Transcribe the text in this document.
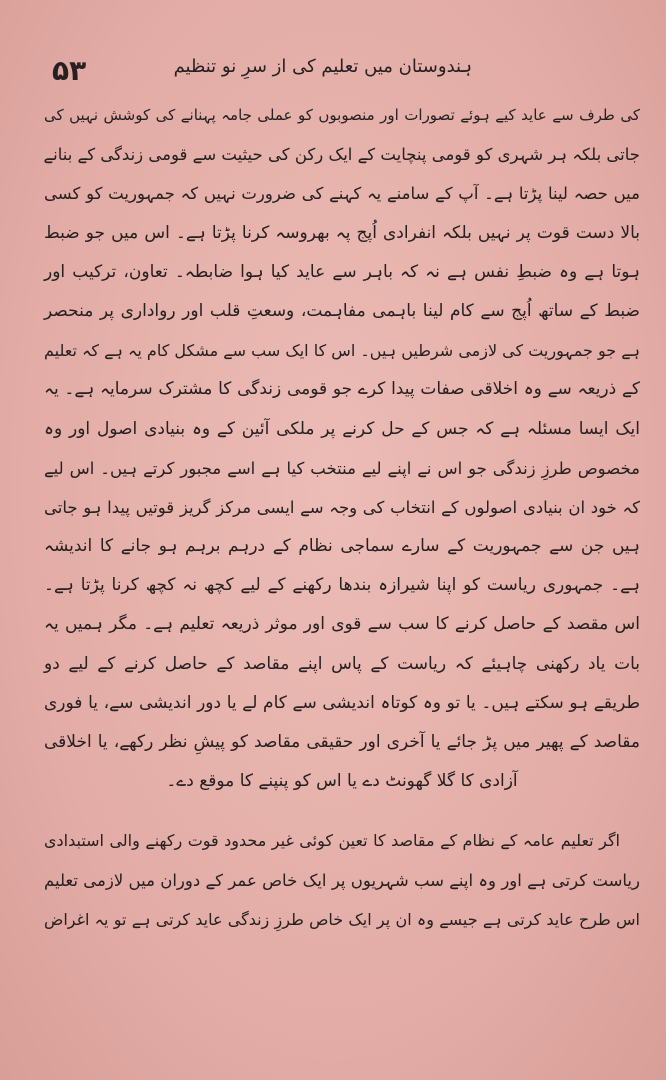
۵۳	ہندوستان میں تعلیم کی از سرِ نو تنظیم
کی طرف سے عاید کیے ہوئے تصورات اور منصوبوں کو عملی جامہ پہنانے کی کوشش نہیں کی
جاتی بلکہ ہر شہری کو قومی پنچایت کے ایک رکن کی حیثیت سے قومی زندگی کے بنانے
میں حصہ لینا پڑتا ہے۔ آپ کے سامنے یہ کہنے کی ضرورت نہیں کہ جمہوریت کو کسی
بالا دست قوت پر نہیں بلکہ انفرادی اُپج پہ بھروسہ کرنا پڑتا ہے۔ اس میں جو ضبط
ہوتا ہے وہ ضبطِ نفس ہے نہ کہ باہر سے عاید کیا ہوا ضابطہ۔ تعاون، ترکیب اور
ضبط کے ساتھ اُپج سے کام لینا باہمی مفاہمت، وسعتِ قلب اور رواداری پر منحصر
ہے جو جمہوریت کی لازمی شرطیں ہیں۔ اس کا ایک سب سے مشکل کام یہ ہے کہ تعلیم
کے ذریعہ سے وہ اخلاقی صفات پیدا کرے جو قومی زندگی کا مشترک سرمایہ ہے۔ یہ
ایک ایسا مسئلہ ہے کہ جس کے حل کرنے پر ملکی آئین کے وہ بنیادی اصول اور وہ
مخصوص طرزِ زندگی جو اس نے اپنے لیے منتخب کیا ہے اسے مجبور کرتے ہیں۔ اس لیے
کہ خود ان بنیادی اصولوں کے انتخاب کی وجہ سے ایسی مرکز گریز قوتیں پیدا ہو جاتی
ہیں جن سے جمہوریت کے سارے سماجی نظام کے درہم برہم ہو جانے کا اندیشہ
ہے۔ جمہوری ریاست کو اپنا شیرازہ بندھا رکھنے کے لیے کچھ نہ کچھ کرنا پڑتا ہے۔
اس مقصد کے حاصل کرنے کا سب سے قوی اور موثر ذریعہ تعلیم ہے۔ مگر ہمیں یہ
بات یاد رکھنی چاہیئے کہ ریاست کے پاس اپنے مقاصد کے حاصل کرنے کے لیے دو
طریقے ہو سکتے ہیں۔ یا تو وہ کوتاہ اندیشی سے کام لے یا دور اندیشی سے، یا فوری
مقاصد کے پھیر میں پڑ جائے یا آخری اور حقیقی مقاصد کو پیشِ نظر رکھے، یا اخلاقی
آزادی کا گلا گھونٹ دے یا اس کو پنپنے کا موقع دے۔
اگر تعلیم عامہ کے نظام کے مقاصد کا تعین کوئی غیر محدود قوت رکھنے والی استبدادی
ریاست کرتی ہے اور وہ اپنے سب شہریوں پر ایک خاص عمر کے دوران میں لازمی تعلیم
اس طرح عاید کرتی ہے جیسے وہ ان پر ایک خاص طرزِ زندگی عاید کرتی ہے تو یہ اغراض
